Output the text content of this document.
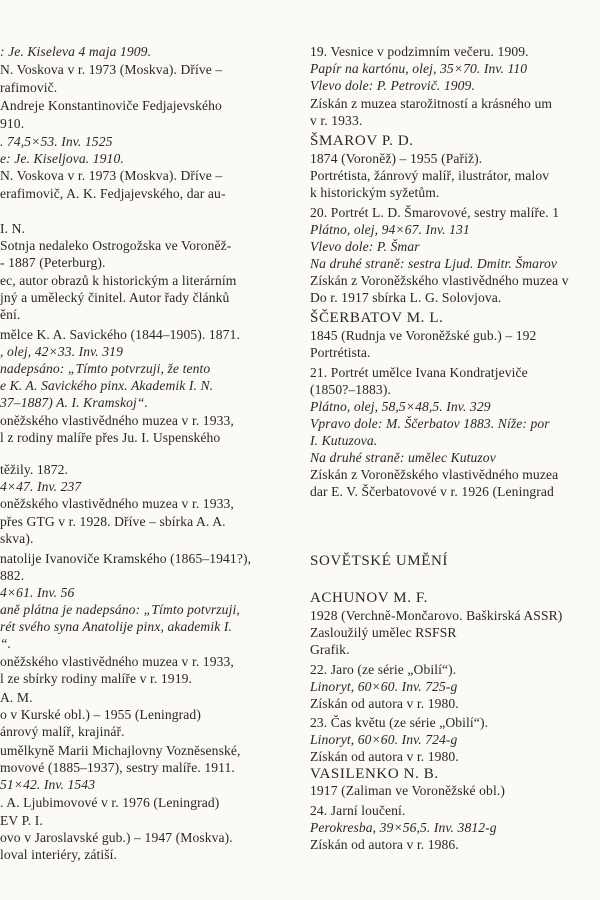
: Je. Kiseleva 4 maja 1909.
N. Voskova v r. 1973 (Moskva). Dříve –
rafimovič.
Andreje Konstantinoviče Fedjajevského
910.
. 74,5×53. Inv. 1525
e: Je. Kiseljova. 1910.
N. Voskova v r. 1973 (Moskva). Dříve –
erafimovič, A. K. Fedjajevského, dar au-
I. N.
Sotnja nedaleko Ostrogožska ve Voroněž-
- 1887 (Peterburg).
ec, autor obrazů k historickým a literárním
jný a umělecký činitel. Autor řady článků
ění.
mělce K. A. Savického (1844–1905). 1871.
, olej, 42×33. Inv. 319
nadepsáno: „Tímto potvrzuji, že tento
e K. A. Savického pinx. Akademik I. N.
37–1887) A. I. Kramskoj“.
oněžského vlastivědného muzea v r. 1933,
l z rodiny malíře přes Ju. I. Uspenského
těžily. 1872.
4×47. Inv. 237
oněžského vlastivědného muzea v r. 1933,
přes GTG v r. 1928. Dříve – sbírka A. A.
skva).
natolije Ivanoviče Kramského (1865–1941?),
882.
4×61. Inv. 56
aně plátna je nadepsáno: „Tímto potvrzuji,
rét svého syna Anatolije pinx, akademik I.
“.
oněžského vlastivědného muzea v r. 1933,
l ze sbírky rodiny malíře v r. 1919.
A. M.
o v Kurské obl.) – 1955 (Leningrad)
ánrový malíř, krajinář.
umělkyně Marii Michajlovny Voznĕsenské,
movové (1885–1937), sestry malíře. 1911.
51×42. Inv. 1543
. A. Ljubimovové v r. 1976 (Leningrad)
EV P. I.
ovo v Jaroslavské gub.) – 1947 (Moskva).
loval interiéry, zátiší.
SOVĚTSKÉ UMĚNÍ
19. Vesnice v podzimním večeru. 1909.
Papír na kartónu, olej, 35×70. Inv. 110
Vlevo dole: P. Petrovič. 1909.
Získán z muzea starožitností a krásného um
v r. 1933.
ŠMAROV P. D.
1874 (Voroněž) – 1955 (Paříž).
Portrétista, žánrový malíř, ilustrátor, malov
k historickým syžetům.
20. Portrét L. D. Šmarovové, sestry malíře. 1
Plátno, olej, 94×67. Inv. 131
Vlevo dole: P. Šmar
Na druhé straně: sestra Ljud. Dmitr. Šmarov
Získán z Voroněžského vlastivědného muzea v
Do r. 1917 sbírka L. G. Solovjova.
ŠČERBATOV M. L.
1845 (Rudnja ve Voroněžské gub.) – 192
Portrétista.
21. Portrét umělce Ivana Kondratjeviče
(1850?–1883).
Plátno, olej, 58,5×48,5. Inv. 329
Vpravo dole: M. Ščerbatov 1883. Níže: por
I. Kutuzova.
Na druhé straně: umělec Kutuzov
Získán z Voroněžského vlastivědného muzea
dar E. V. Ščerbatovové v r. 1926 (Leningrad
ACHUNOV M. F.
1928 (Verchně-Mončarovo. Baškirská ASSR)
Zasloužilý umělec RSFSR
Grafik.
22. Jaro (ze série „Obilí“).
Linoryt, 60×60. Inv. 725-g
Získán od autora v r. 1980.
23. Čas květu (ze série „Obilí“).
Linoryt, 60×60. Inv. 724-g
Získán od autora v r. 1980.
VASILENKO N. B.
1917 (Zaliman ve Voroněžské obl.)
24. Jarní loučení.
Perokresba, 39×56,5. Inv. 3812-g
Získán od autora v r. 1986.
